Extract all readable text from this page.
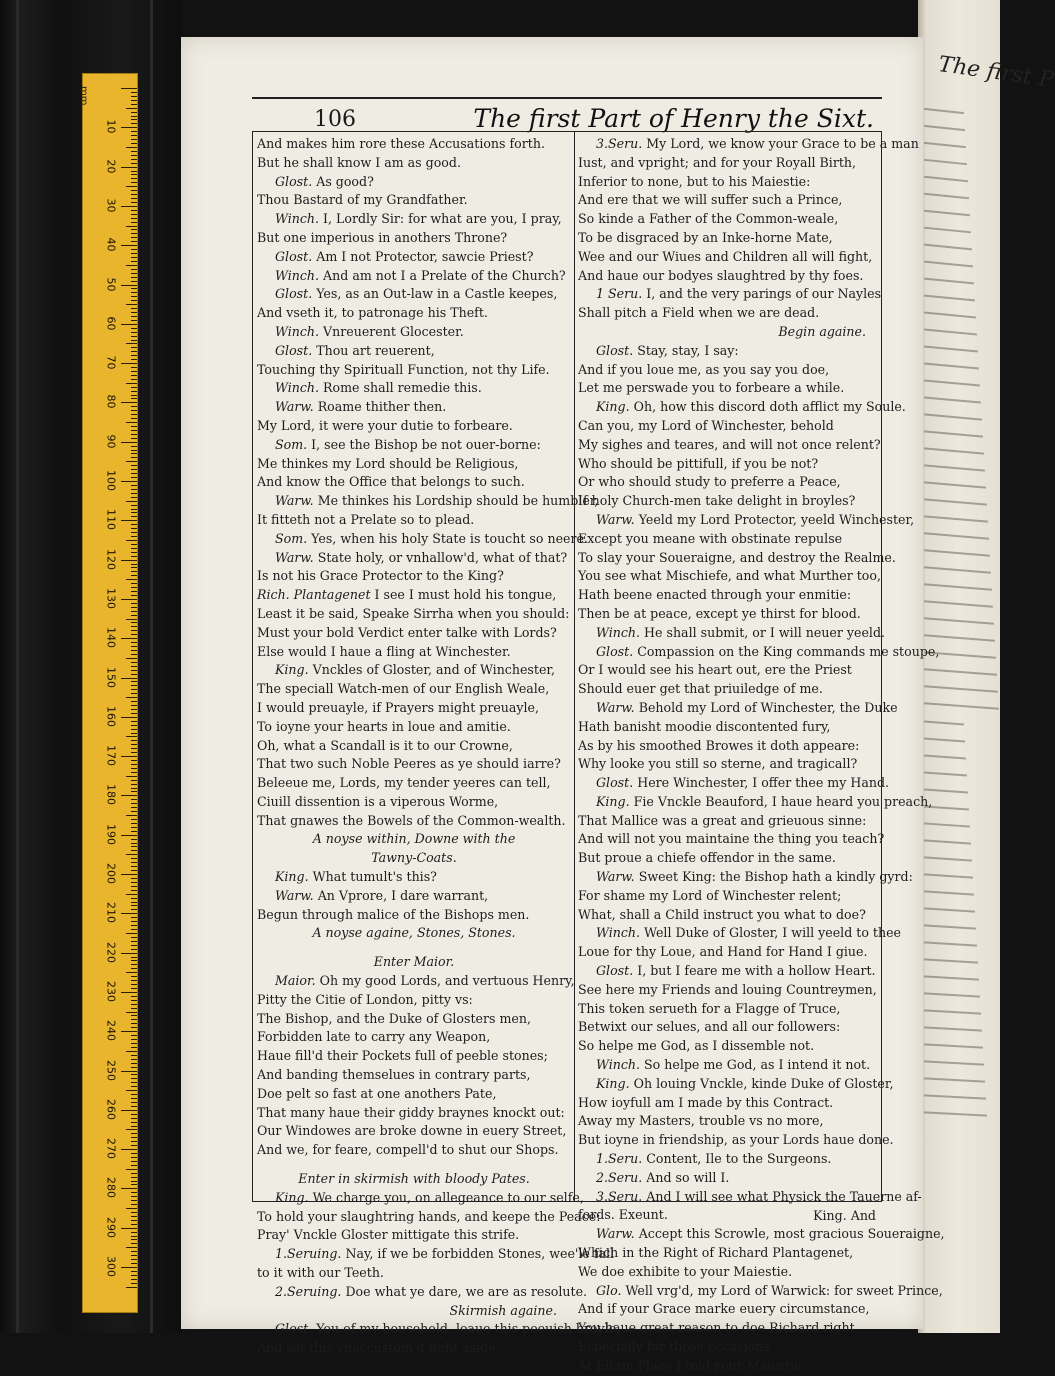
mm
10
20
30
40
50
60
70
80
90
100
110
120
130
140
150
160
170
180
190
200
210
220
230
240
250
260
270
280
290
300
The first P
106	The first Part of Henry the Sixt.
And makes him rore these Accusations forth.
But he shall know I am as good.
Glost. As good?
Thou Bastard of my Grandfather.
Winch. I, Lordly Sir: for what are you, I pray,
But one imperious in anothers Throne?
Glost. Am I not Protector, sawcie Priest?
Winch. And am not I a Prelate of the Church?
Glost. Yes, as an Out-law in a Castle keepes,
And vseth it, to patronage his Theft.
Winch. Vnreuerent Glocester.
Glost. Thou art reuerent,
Touching thy Spirituall Function, not thy Life.
Winch. Rome shall remedie this.
Warw. Roame thither then.
My Lord, it were your dutie to forbeare.
Som. I, see the Bishop be not ouer-borne:
Me thinkes my Lord should be Religious,
And know the Office that belongs to such.
Warw. Me thinkes his Lordship should be humbler,
It fitteth not a Prelate so to plead.
Som. Yes, when his holy State is toucht so neere.
Warw. State holy, or vnhallow'd, what of that?
Is not his Grace Protector to the King?
Rich. Plantagenet I see I must hold his tongue,
Least it be said, Speake Sirrha when you should:
Must your bold Verdict enter talke with Lords?
Else would I haue a fling at Winchester.
King. Vnckles of Gloster, and of Winchester,
The speciall Watch-men of our English Weale,
I would preuayle, if Prayers might preuayle,
To ioyne your hearts in loue and amitie.
Oh, what a Scandall is it to our Crowne,
That two such Noble Peeres as ye should iarre?
Beleeue me, Lords, my tender yeeres can tell,
Ciuill dissention is a viperous Worme,
That gnawes the Bowels of the Common-wealth.
A noyse within, Downe with the
Tawny-Coats.
King. What tumult's this?
Warw. An Vprore, I dare warrant,
Begun through malice of the Bishops men.
A noyse againe, Stones, Stones.
Enter Maior.
Maior. Oh my good Lords, and vertuous Henry,
Pitty the Citie of London, pitty vs:
The Bishop, and the Duke of Glosters men,
Forbidden late to carry any Weapon,
Haue fill'd their Pockets full of peeble stones;
And banding themselues in contrary parts,
Doe pelt so fast at one anothers Pate,
That many haue their giddy braynes knockt out:
Our Windowes are broke downe in euery Street,
And we, for feare, compell'd to shut our Shops.
Enter in skirmish with bloody Pates.
King. We charge you, on allegeance to our selfe,
To hold your slaughtring hands, and keepe the Peace:
Pray' Vnckle Gloster mittigate this strife.
1.Seruing. Nay, if we be forbidden Stones, wee'le fall
to it with our Teeth.
2.Seruing. Doe what ye dare, we are as resolute.
Skirmish againe.
Glost. You of my household, leaue this peeuish broyle,
And set this vnaccustom'd fight aside.
3.Seru. My Lord, we know your Grace to be a man
Iust, and vpright; and for your Royall Birth,
Inferior to none, but to his Maiestie:
And ere that we will suffer such a Prince,
So kinde a Father of the Common-weale,
To be disgraced by an Inke-horne Mate,
Wee and our Wiues and Children all will fight,
And haue our bodyes slaughtred by thy foes.
1 Seru. I, and the very parings of our Nayles
Shall pitch a Field when we are dead.
Begin againe.
Glost. Stay, stay, I say:
And if you loue me, as you say you doe,
Let me perswade you to forbeare a while.
King. Oh, how this discord doth afflict my Soule.
Can you, my Lord of Winchester, behold
My sighes and teares, and will not once relent?
Who should be pittifull, if you be not?
Or who should study to preferre a Peace,
If holy Church-men take delight in broyles?
Warw. Yeeld my Lord Protector, yeeld Winchester,
Except you meane with obstinate repulse
To slay your Soueraigne, and destroy the Realme.
You see what Mischiefe, and what Murther too,
Hath beene enacted through your enmitie:
Then be at peace, except ye thirst for blood.
Winch. He shall submit, or I will neuer yeeld.
Glost. Compassion on the King commands me stoupe,
Or I would see his heart out, ere the Priest
Should euer get that priuiledge of me.
Warw. Behold my Lord of Winchester, the Duke
Hath banisht moodie discontented fury,
As by his smoothed Browes it doth appeare:
Why looke you still so sterne, and tragicall?
Glost. Here Winchester, I offer thee my Hand.
King. Fie Vnckle Beauford, I haue heard you preach,
That Mallice was a great and grieuous sinne:
And will not you maintaine the thing you teach?
But proue a chiefe offendor in the same.
Warw. Sweet King: the Bishop hath a kindly gyrd:
For shame my Lord of Winchester relent;
What, shall a Child instruct you what to doe?
Winch. Well Duke of Gloster, I will yeeld to thee
Loue for thy Loue, and Hand for Hand I giue.
Glost. I, but I feare me with a hollow Heart.
See here my Friends and louing Countreymen,
This token serueth for a Flagge of Truce,
Betwixt our selues, and all our followers:
So helpe me God, as I dissemble not.
Winch. So helpe me God, as I intend it not.
King. Oh louing Vnckle, kinde Duke of Gloster,
How ioyfull am I made by this Contract.
Away my Masters, trouble vs no more,
But ioyne in friendship, as your Lords haue done.
1.Seru. Content, Ile to the Surgeons.
2.Seru. And so will I.
3.Seru. And I will see what Physick the Tauerne af-
fords. Exeunt.
Warw. Accept this Scrowle, most gracious Soueraigne,
Which in the Right of Richard Plantagenet,
We doe exhibite to your Maiestie.
Glo. Well vrg'd, my Lord of Warwick: for sweet Prince,
And if your Grace marke euery circumstance,
You haue great reason to doe Richard right,
Especially for those occasions
At Eltam Place I told your Maiestie.
King. And
